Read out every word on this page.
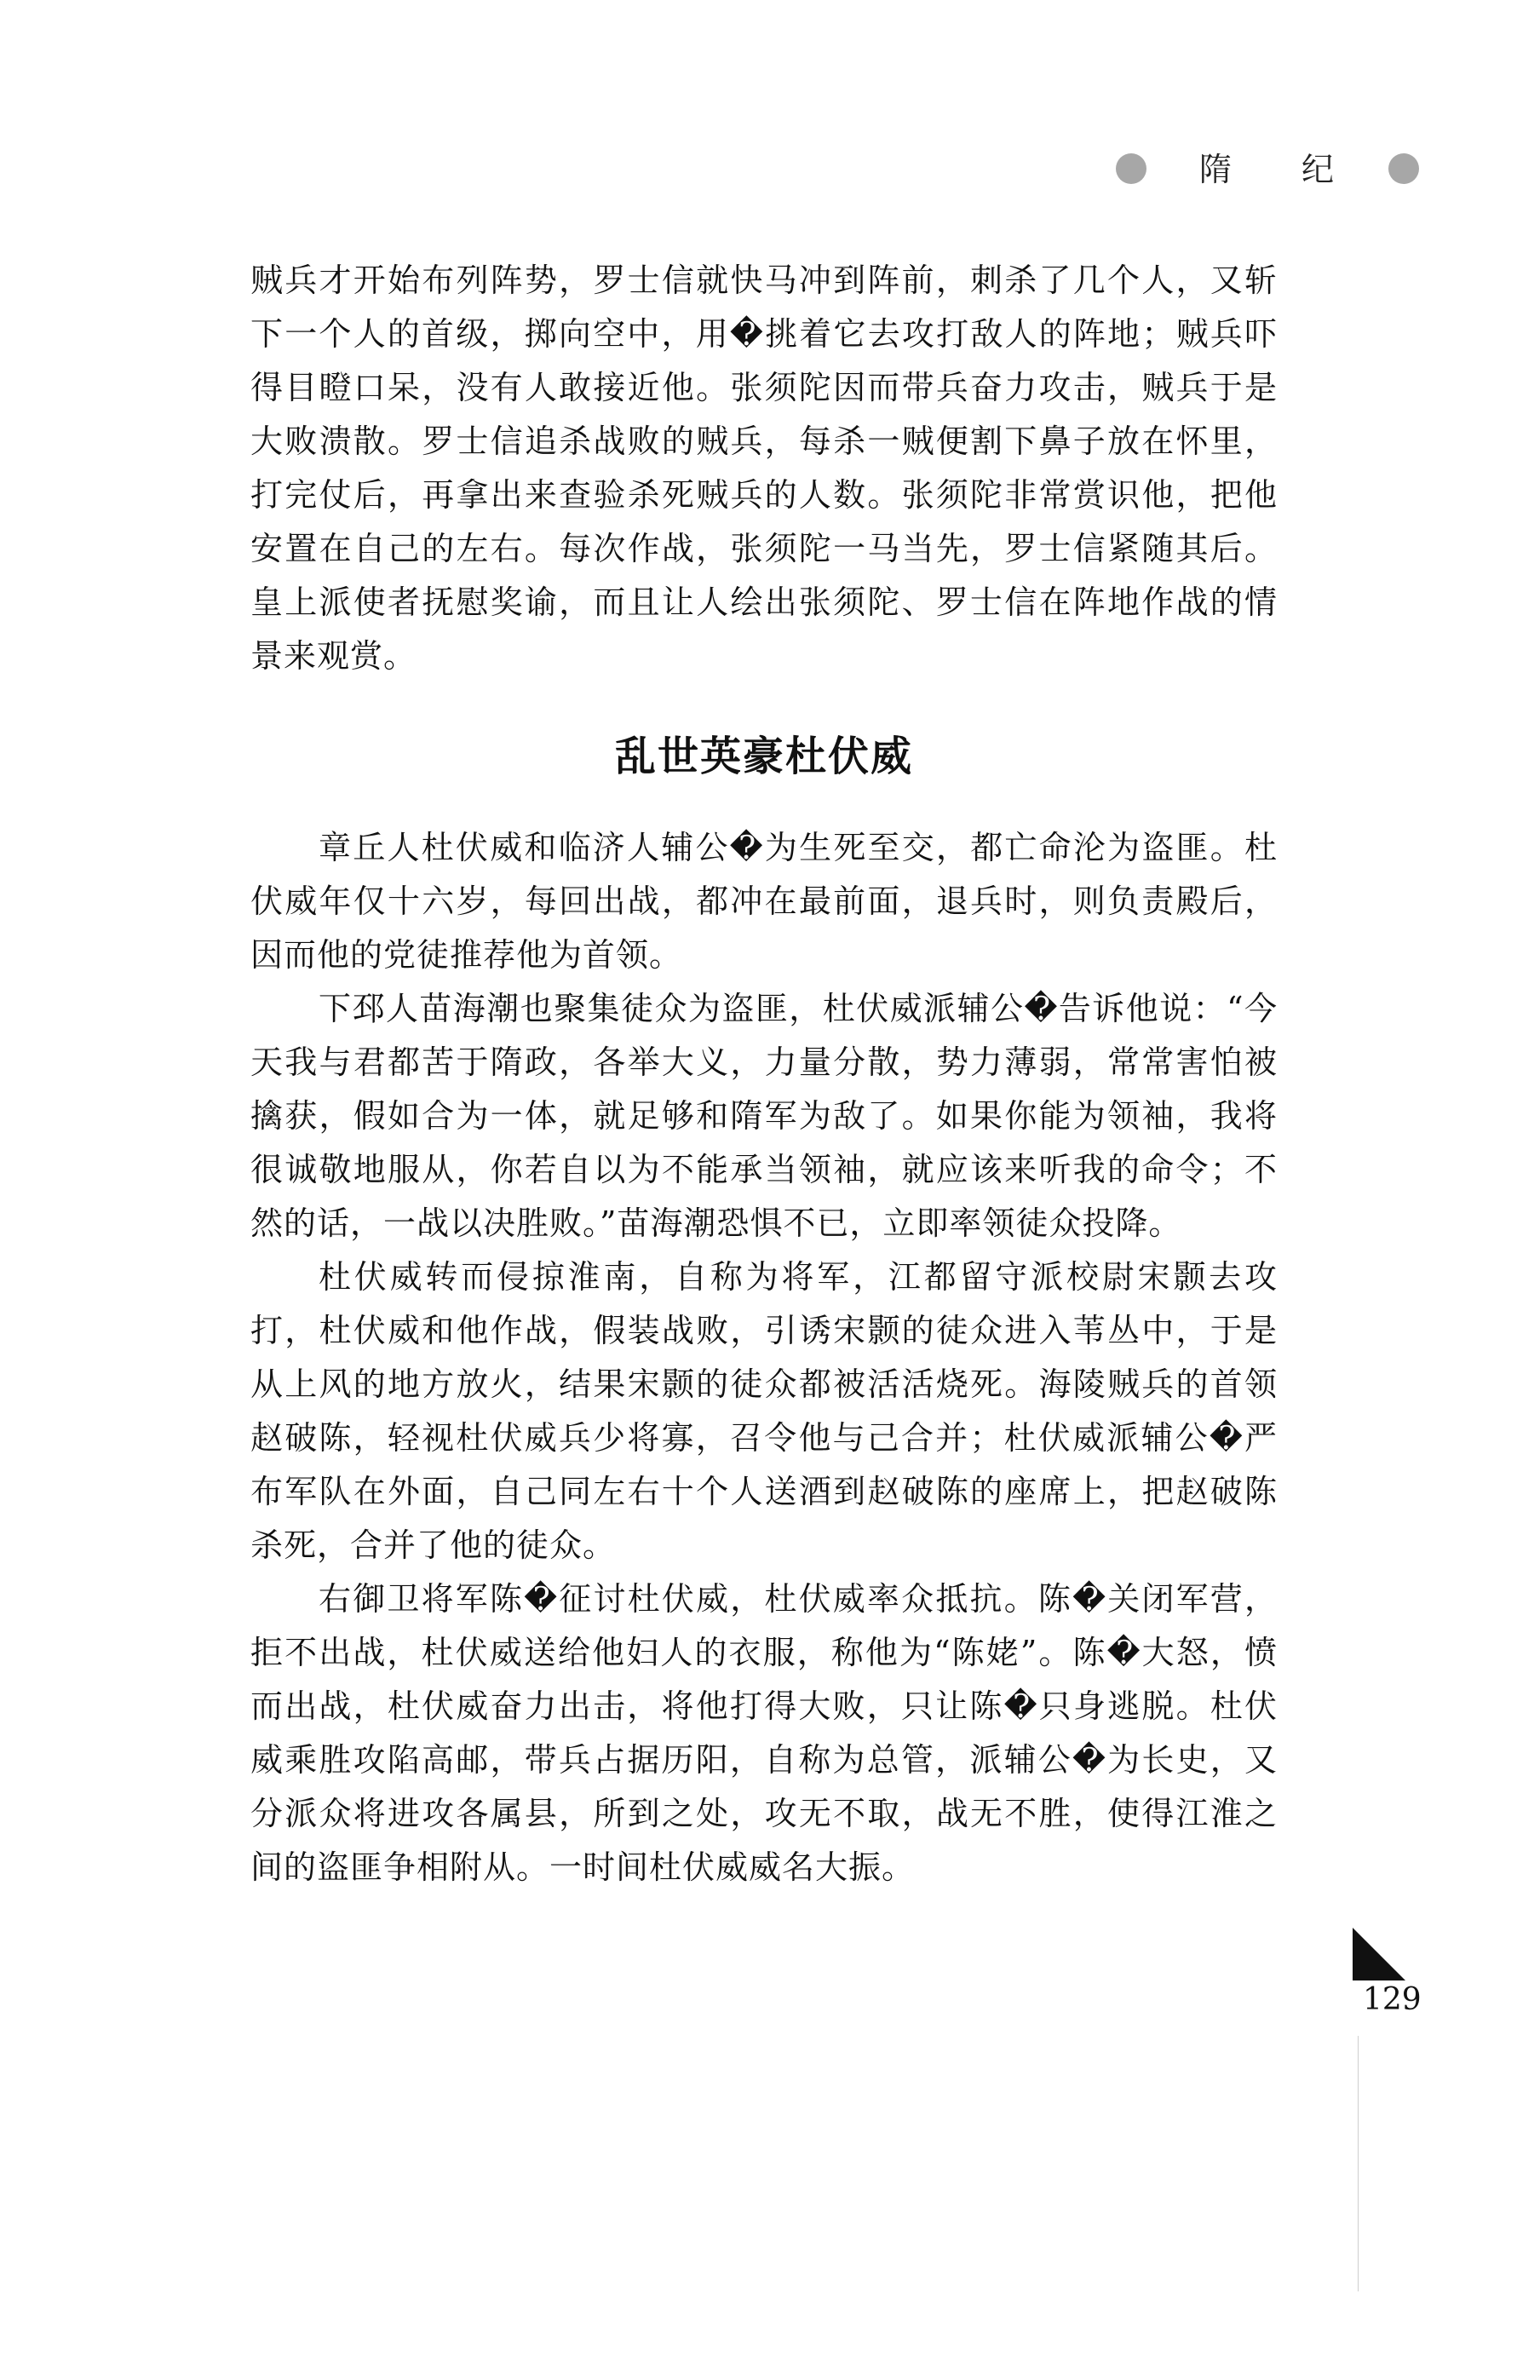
隋 纪

贼兵才开始布列阵势，罗士信就快马冲到阵前，刺杀了几个人，又斩下一个人的首级，掷向空中，用�挑着它去攻打敌人的阵地；贼兵吓得目瞪口呆，没有人敢接近他。张须陀因而带兵奋力攻击，贼兵于是大败溃散。罗士信追杀战败的贼兵，每杀一贼便割下鼻子放在怀里，打完仗后，再拿出来查验杀死贼兵的人数。张须陀非常赏识他，把他安置在自己的左右。每次作战，张须陀一马当先，罗士信紧随其后。皇上派使者抚慰奖谕，而且让人绘出张须陀、罗士信在阵地作战的情景来观赏。

乱世英豪杜伏威

章丘人杜伏威和临济人辅公�为生死至交，都亡命沦为盗匪。杜伏威年仅十六岁，每回出战，都冲在最前面，退兵时，则负责殿后，因而他的党徒推荐他为首领。

下邳人苗海潮也聚集徒众为盗匪，杜伏威派辅公�告诉他说：“今天我与君都苦于隋政，各举大义，力量分散，势力薄弱，常常害怕被擒获，假如合为一体，就足够和隋军为敌了。如果你能为领袖，我将很诚敬地服从，你若自以为不能承当领袖，就应该来听我的命令；不然的话，一战以决胜败。”苗海潮恐惧不已，立即率领徒众投降。

杜伏威转而侵掠淮南，自称为将军，江都留守派校尉宋颢去攻打，杜伏威和他作战，假装战败，引诱宋颢的徒众进入苇丛中，于是从上风的地方放火，结果宋颢的徒众都被活活烧死。海陵贼兵的首领赵破陈，轻视杜伏威兵少将寡，召令他与己合并；杜伏威派辅公�严布军队在外面，自己同左右十个人送酒到赵破陈的座席上，把赵破陈杀死，合并了他的徒众。

右御卫将军陈�征讨杜伏威，杜伏威率众抵抗。陈�关闭军营，拒不出战，杜伏威送给他妇人的衣服，称他为“陈姥”。陈�大怒，愤而出战，杜伏威奋力出击，将他打得大败，只让陈�只身逃脱。杜伏威乘胜攻陷高邮，带兵占据历阳，自称为总管，派辅公�为长史，又分派众将进攻各属县，所到之处，攻无不取，战无不胜，使得江淮之间的盗匪争相附从。一时间杜伏威威名大振。

129
